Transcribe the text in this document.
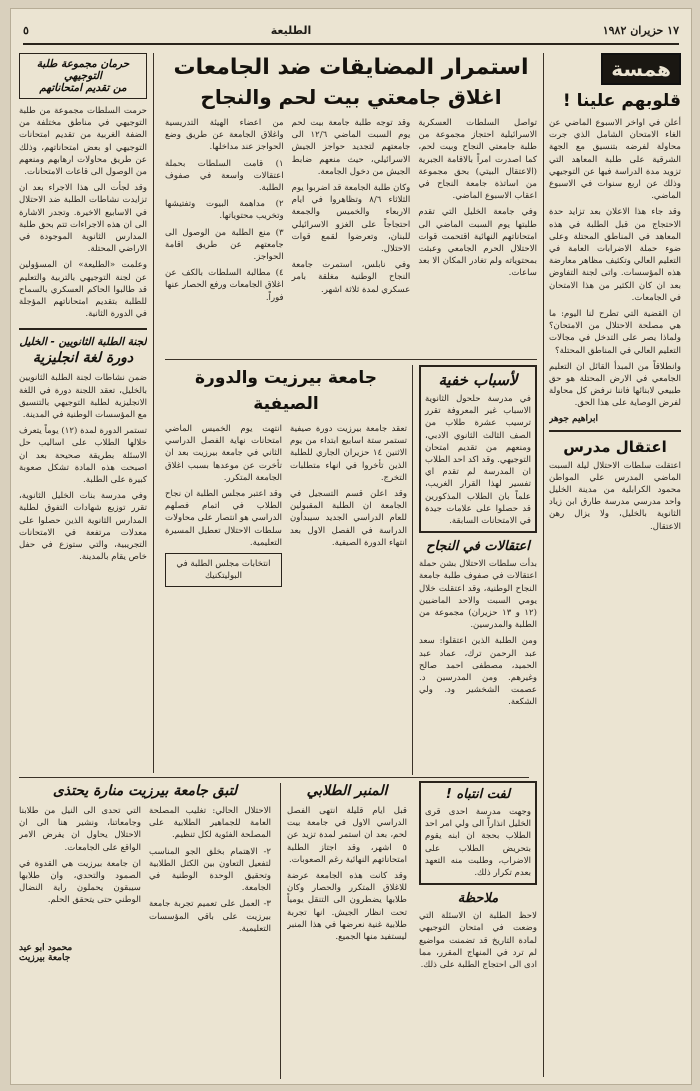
١٧ حزيران ١٩٨٢
الطليعة
٥
همسة
قلوبهم علينا !

أعلن في اواخر الاسبوع الماضي عن الغاء الامتحان الشامل الذي جرت محاولة لفرضه بتنسيق مع الجهة الشرقية على طلبة المعاهد التي تزويد مدة الدراسة فيها عن التوجيهي وذلك عن اربع سنوات في الاسبوع الماضي.

وقد جاء هذا الاعلان بعد تزايد حدة الاحتجاج من قبل الطلبة في هذه المعاهد في المناطق المحتلة وعلى ضوء حملة الاضرابات العامة في التعليم العالي وتكثيف مظاهر معارضة هذه المؤسسات. واتى لجنة التفاوض بعد ان كان الكثير من هذا الامتحان في الجامعات.

ان القضية التي تطرح لنا اليوم: ما هي مصلحة الاحتلال من الامتحان؟ ولماذا يصر على التدخل في مجالات التعليم العالي في المناطق المحتلة؟

وانطلاقاً من المبدأ القائل ان التعليم الجامعي في الارض المحتلة هو حق طبيعي لابنائها فاننا نرفض كل محاولة لفرض الوصاية على هذا الحق.

ابراهيم جوهر
اعتقال مدرس
اعتقلت سلطات الاحتلال ليلة السبت الماضي المدرس علي المواطن محمود الكرابلية من مدينة الخليل واحد مدرسي مدرسة طارق ابن زياد الثانوية بالخليل، ولا يزال رهن الاعتقال.
استمرار المضايقات ضد الجامعات
اغلاق جامعتي بيت لحم والنجاح

تواصل السلطات العسكرية الاسرائيلية احتجاز مجموعة من طلبة جامعتي النجاح وبيت لحم، كما اصدرت امراً بالاقامة الجبرية (الاعتقال البيتي) بحق مجموعة من اساتذة جامعة النجاح في اعقاب الاسبوع الماضي.

وفي جامعة الخليل التي تقدم طلبتها يوم السبت الماضي الى امتحاناتهم النهائية اقتحمت قوات الاحتلال الحرم الجامعي وعبثت بمحتوياته ولم تغادر المكان الا بعد ساعات.

وقد توجه طلبة جامعة بيت لحم يوم السبت الماضي ١٢/٦ الى جامعتهم لتجديد حواجز الجيش الاسرائيلي، حيث منعهم ضابط الجيش من دخول الجامعة.

وكان طلبة الجامعة قد اضربوا يوم الثلاثاء ٨/٦ وتظاهروا في ايام الاربعاء والخميس والجمعة احتجاجاً على الغزو الاسرائيلي للبنان، وتعرضوا لقمع قوات الاحتلال.

وفي نابلس، استمرت جامعة النجاح الوطنية مغلقة بامر عسكري لمدة ثلاثة اشهر.

من اعضاء الهيئة التدريسية واغلاق الجامعة عن طريق وضع الحواجز عند مداخلها.

١) قامت السلطات بحملة اعتقالات واسعة في صفوف الطلبة.

٢) مداهمة البيوت وتفتيشها وتخريب محتوياتها.

٣) منع الطلبة من الوصول الى جامعتهم عن طريق اقامة الحواجز.

٤) مطالبة السلطات بالكف عن اغلاق الجامعات ورفع الحصار عنها فوراً.

حرمان مجموعة طلبة التوجيهي
من تقديم امتحاناتهم

حرمت السلطات مجموعة من طلبة التوجيهي في مناطق مختلفة من الضفة الغربية من تقديم امتحانات التوجيهي او بعض امتحاناتهم، وذلك عن طريق محاولات ارهابهم ومنعهم من الوصول الى قاعات الامتحانات.

وقد لجأت الى هذا الاجراء بعد ان تزايدت نشاطات الطلبة ضد الاحتلال في الاسابيع الاخيرة. وتجدر الاشارة الى ان هذه الاجراءات تتم بحق طلبة المدارس الثانوية الموجودة في الاراضي المحتلة.

وعلمت «الطليعة» ان المسؤولين عن لجنة التوجيهي بالتربية والتعليم قد طالبوا الحاكم العسكري بالسماح للطلبة بتقديم امتحاناتهم المؤجلة في الدورة الثانية.

لجنة الطلبة الثانويين - الخليل
دورة لغة انجليزية

ضمن نشاطات لجنة الطلبة الثانويين بالخليل، تعقد اللجنة دورة في اللغة الانجليزية لطلبة التوجيهي بالتنسيق مع المؤسسات الوطنية في المدينة.

تستمر الدورة لمدة (١٢) يوماً يتعرف خلالها الطلاب على اساليب حل الاسئلة بطريقة صحيحة بعد ان اصبحت هذه المادة تشكل صعوبة كبيرة على الطلبة.

وفي مدرسة بنات الخليل الثانوية، تقرر توزيع شهادات التفوق لطلبة المدارس الثانوية الذين حصلوا على معدلات مرتفعة في الامتحانات التجريبية، والتي ستوزع في حفل خاص يقام بالمدينة.

لأسباب خفية
في مدرسة حلحول الثانوية الاسباب غير المعروفة تقرر ترسيب عشرة طلاب من الصف الثالث الثانوي الادبي، ومنعهم من تقديم امتحان التوجيهي. وقد اكد احد الطلاب ان المدرسة لم تقدم اي تفسير لهذا القرار الغريب، علماً بان الطلاب المذكورين قد حصلوا على علامات جيدة في الامتحانات السابقة.
اعتقالات في النجاح

بدأت سلطات الاحتلال بشن حملة اعتقالات في صفوف طلبة جامعة النجاح الوطنية، وقد اعتقلت خلال يومي السبت والاحد الماضيين (١٢ و ١٣ حزيران) مجموعة من الطلبة والمدرسين.

ومن الطلبة الذين اعتقلوا: سعد عبد الرحمن ترك، عماد عبد الحميد، مصطفى احمد صالح وغيرهم. ومن المدرسين د. عصمت الشخشير ود. ولي الشكعة.

جامعة بيرزيت والدورة الصيفية

تعقد جامعة بيرزيت دورة صيفية تستمر ستة اسابيع ابتداء من يوم الاثنين ١٤ حزيران الجاري للطلبة الذين تأخروا في انهاء متطلبات التخرج.

وقد اعلن قسم التسجيل في الجامعة ان الطلبة المقبولين للعام الدراسي الجديد سيبدأون الدراسة في الفصل الاول بعد انتهاء الدورة الصيفية.

انتهت يوم الخميس الماضي امتحانات نهاية الفصل الدراسي الثاني في جامعة بيرزيت بعد ان تأخرت عن موعدها بسبب اغلاق الجامعة المتكرر.

وقد اعتبر مجلس الطلبة ان نجاح الطلاب في اتمام فصلهم الدراسي هو انتصار على محاولات سلطات الاحتلال تعطيل المسيرة التعليمية.

انتخابات مجلس الطلبة في البوليتكنيك
لفت انتباه !
وجهت مدرسة احدى قرى الخليل انذاراً الى ولي امر احد الطلاب بحجة ان ابنه يقوم بتحريض الطلاب على الاضراب، وطلبت منه التعهد بعدم تكرار ذلك.
ملاحظة
لاحظ الطلبة ان الاسئلة التي وضعت في امتحان التوجيهي لمادة التاريخ قد تضمنت مواضيع لم ترد في المنهاج المقرر، مما ادى الى احتجاج الطلبة على ذلك.
المنبر الطلابي

قبل ايام قليلة انتهى الفصل الدراسي الاول في جامعة بيت لحم، بعد ان استمر لمدة تزيد عن ٥ اشهر، وقد اجتاز الطلبة امتحاناتهم النهائية رغم الصعوبات.

وقد كانت هذه الجامعة عرضة للاغلاق المتكرر والحصار وكان طلابها يضطرون الى التنقل يومياً تحت انظار الجيش. انها تجربة طلابية غنية نعرضها في هذا المنبر ليستفيد منها الجميع.

لتبق جامعة بيرزيت منارة يحتذى

الاحتلال الحالي: تغليب المصلحة العامة للجماهير الطلابية على المصلحة الفئوية لكل تنظيم.

٢- الاهتمام بخلق الجو المناسب لتفعيل التعاون بين الكتل الطلابية وتحقيق الوحدة الوطنية في الجامعة.

٣- العمل على تعميم تجربة جامعة بيرزيت على باقي المؤسسات التعليمية.

التي تحدى الى النيل من طلابنا وجامعاتنا، ونشير هنا الى ان الاحتلال يحاول ان يفرض الامر الواقع على الجامعات.

ان جامعة بيرزيت هي القدوة في الصمود والتحدي، وان طلابها سيبقون يحملون راية النضال الوطني حتى يتحقق الحلم.

محمود ابو عيد
جامعة بيرزيت
